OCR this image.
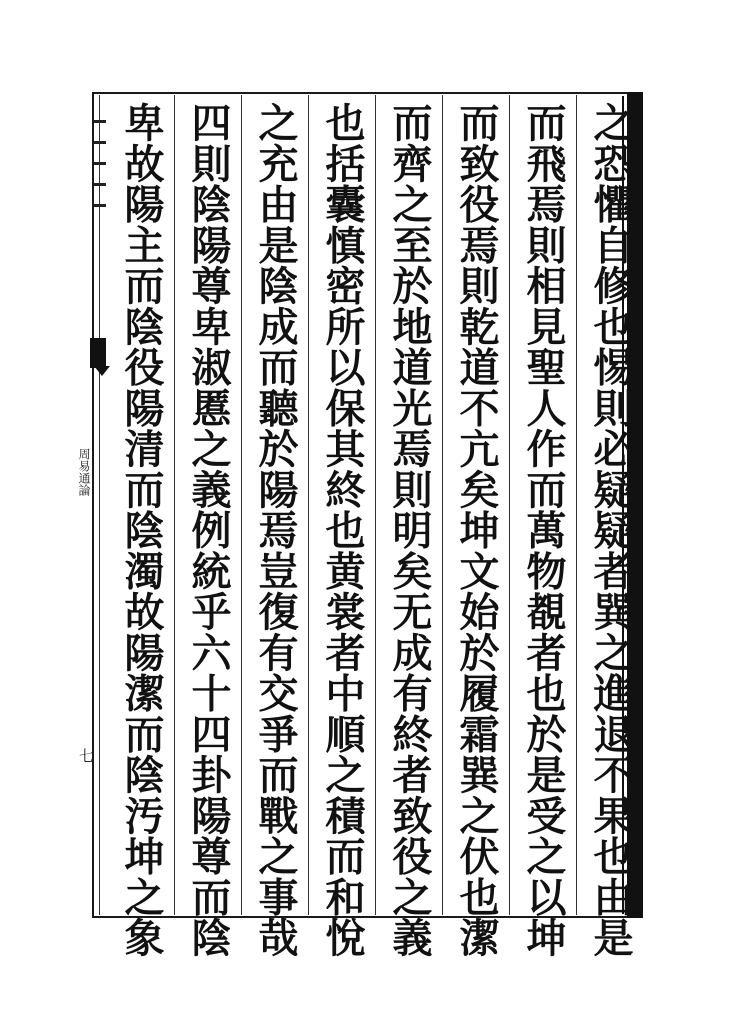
周易通論
七	之恐懼自修也惕則必疑疑者巽之進退不果也由是
而飛焉則相見聖人作而萬物覩者也於是受之以坤
而致役焉則乾道不亢矣坤文始於履霜巽之伏也潔
而齊之至於地道光焉則明矣无成有終者致役之義
也括囊慎密所以保其終也黄裳者中順之積而和悅
之充由是陰成而聽於陽焉豈復有交爭而戰之事哉
四則陰陽尊卑淑慝之義例統乎六十四卦陽尊而陰
卑故陽主而陰役陽清而陰濁故陽潔而陰汚坤之象
